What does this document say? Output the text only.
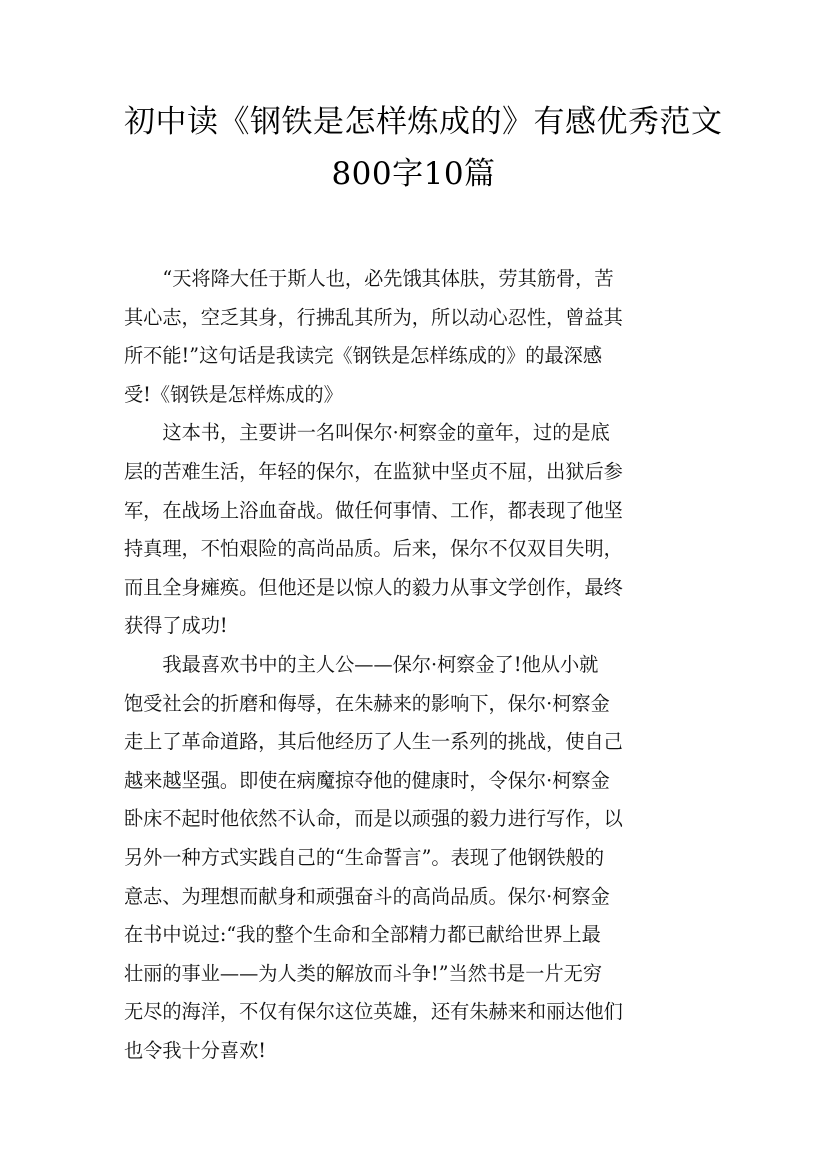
初中读《钢铁是怎样炼成的》有感优秀范文
800字10篇

“天将降大任于斯人也，必先饿其体肤，劳其筋骨，苦
其心志，空乏其身，行拂乱其所为，所以动心忍性，曾益其
所不能!”这句话是我读完《钢铁是怎样练成的》的最深感
受!《钢铁是怎样炼成的》

这本书，主要讲一名叫保尔·柯察金的童年，过的是底
层的苦难生活，年轻的保尔，在监狱中坚贞不屈，出狱后参
军，在战场上浴血奋战。做任何事情、工作，都表现了他坚
持真理，不怕艰险的高尚品质。后来，保尔不仅双目失明，
而且全身瘫痪。但他还是以惊人的毅力从事文学创作，最终
获得了成功!

我最喜欢书中的主人公——保尔·柯察金了!他从小就
饱受社会的折磨和侮辱，在朱赫来的影响下，保尔·柯察金
走上了革命道路，其后他经历了人生一系列的挑战，使自己
越来越坚强。即使在病魔掠夺他的健康时，令保尔·柯察金
卧床不起时他依然不认命，而是以顽强的毅力进行写作，以
另外一种方式实践自己的“生命誓言”。表现了他钢铁般的
意志、为理想而献身和顽强奋斗的高尚品质。保尔·柯察金
在书中说过:“我的整个生命和全部精力都已献给世界上最
壮丽的事业——为人类的解放而斗争!”当然书是一片无穷
无尽的海洋，不仅有保尔这位英雄，还有朱赫来和丽达他们
也令我十分喜欢!
